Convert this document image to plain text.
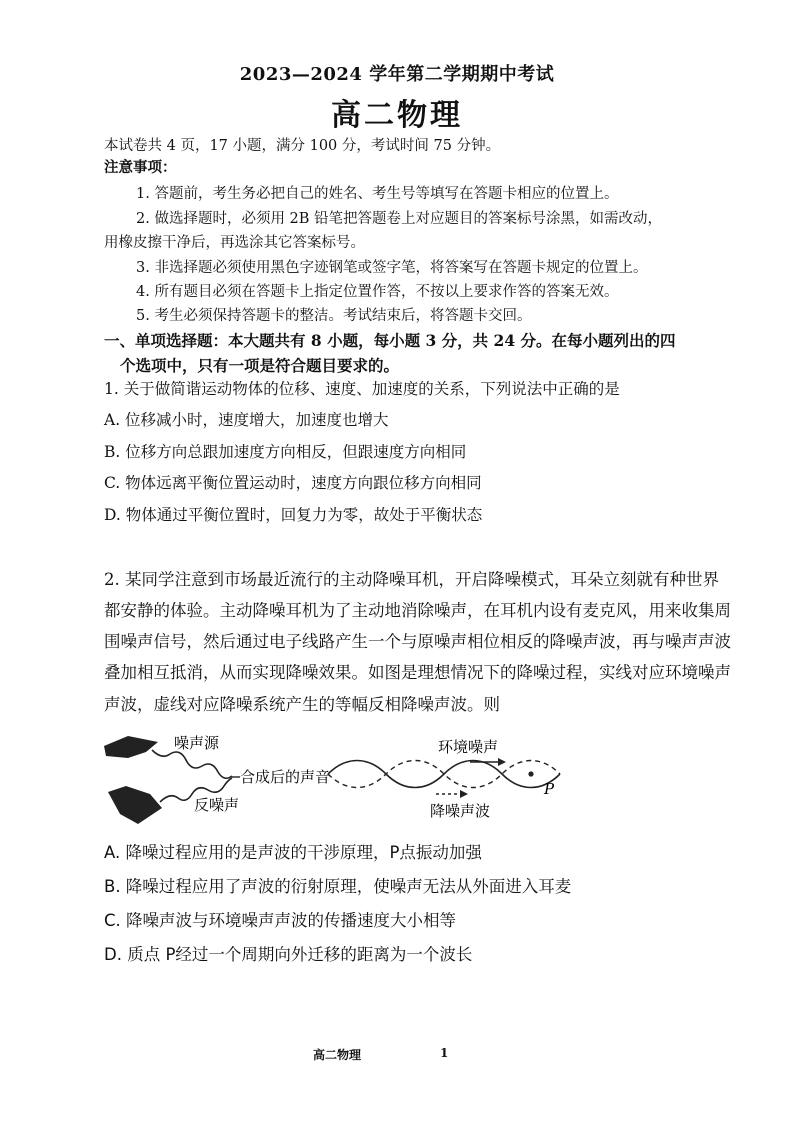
2023—2024 学年第二学期期中考试
高二物理
本试卷共 4 页，17 小题，满分 100 分，考试时间 75 分钟。
注意事项：
1. 答题前，考生务必把自己的姓名、考生号等填写在答题卡相应的位置上。
2. 做选择题时，必须用 2B 铅笔把答题卷上对应题目的答案标号涂黑，如需改动，
用橡皮擦干净后，再选涂其它答案标号。
3. 非选择题必须使用黑色字迹钢笔或签字笔，将答案写在答题卡规定的位置上。
4. 所有题目必须在答题卡上指定位置作答，不按以上要求作答的答案无效。
5. 考生必须保持答题卡的整洁。考试结束后，将答题卡交回。
一、单项选择题：本大题共有 8 小题，每小题 3 分，共 24 分。在每小题列出的四
个选项中，只有一项是符合题目要求的。
1. 关于做简谐运动物体的位移、速度、加速度的关系，下列说法中正确的是
A. 位移减小时，速度增大，加速度也增大
B. 位移方向总跟加速度方向相反，但跟速度方向相同
C. 物体远离平衡位置运动时，速度方向跟位移方向相同
D. 物体通过平衡位置时，回复力为零，故处于平衡状态
2. 某同学注意到市场最近流行的主动降噪耳机，开启降噪模式，耳朵立刻就有种世界
都安静的体验。主动降噪耳机为了主动地消除噪声，在耳机内设有麦克风，用来收集周
围噪声信号，然后通过电子线路产生一个与原噪声相位相反的降噪声波，再与噪声声波
叠加相互抵消，从而实现降噪效果。如图是理想情况下的降噪过程，实线对应环境噪声
声波，虚线对应降噪系统产生的等幅反相降噪声波。则
噪声源
合成后的声音
反噪声
环境噪声
降噪声波
P
A. 降噪过程应用的是声波的干涉原理，P点振动加强
B. 降噪过程应用了声波的衍射原理，使噪声无法从外面进入耳麦
C. 降噪声波与环境噪声声波的传播速度大小相等
D. 质点 P经过一个周期向外迁移的距离为一个波长
高二物理	1
